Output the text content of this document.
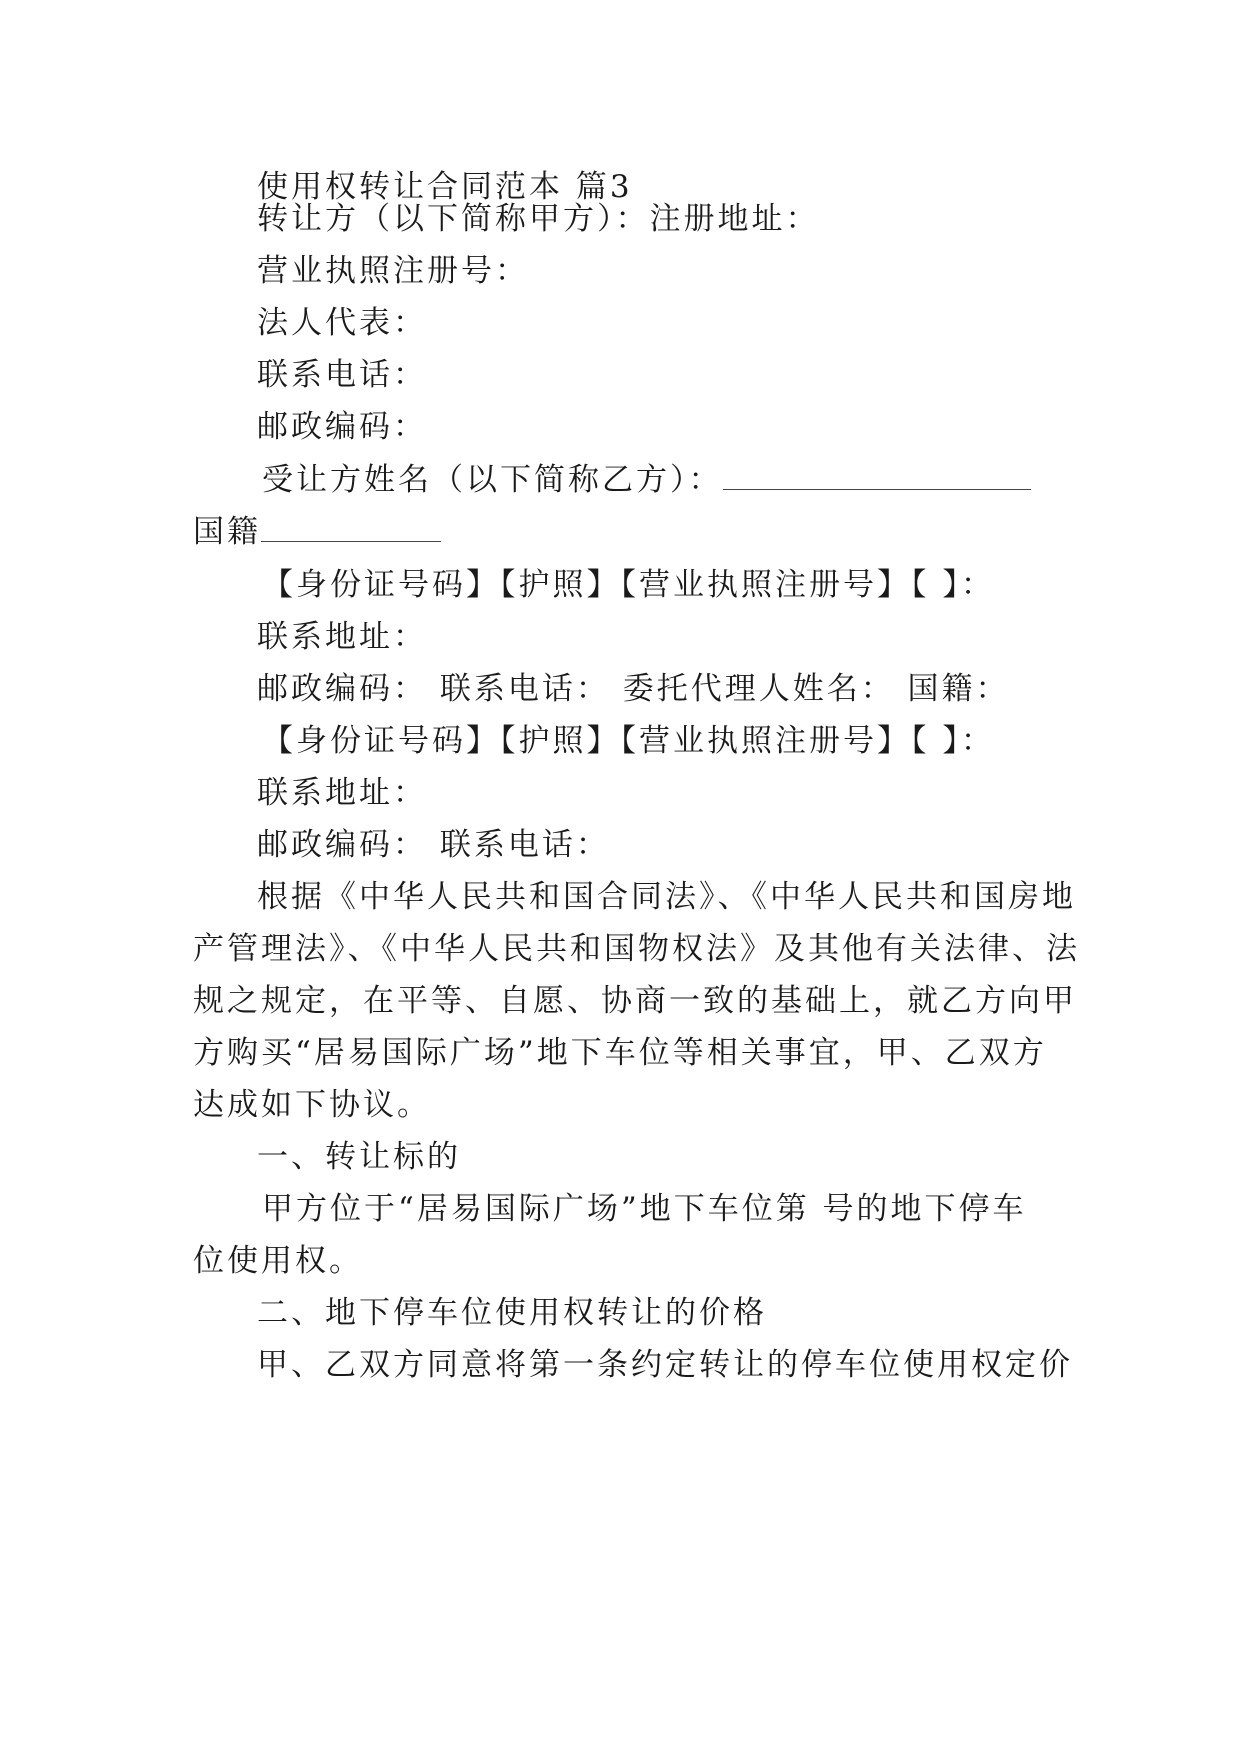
使用权转让合同范本 篇3
转让方（以下简称甲方）：注册地址：
营业执照注册号：
法人代表：
联系电话：
邮政编码：
受让方姓名（以下简称乙方）：
国籍
【身份证号码】【护照】【营业执照注册号】【 】：
联系地址：
邮政编码： 联系电话： 委托代理人姓名： 国籍：
【身份证号码】【护照】【营业执照注册号】【 】：
联系地址：
邮政编码： 联系电话：
根据《中华人民共和国合同法》、《中华人民共和国房地
产管理法》、《中华人民共和国物权法》及其他有关法律、法
规之规定，在平等、自愿、协商一致的基础上，就乙方向甲
方购买“居易国际广场”地下车位等相关事宜，甲、乙双方
达成如下协议。
一、转让标的
甲方位于“居易国际广场”地下车位第 号的地下停车
位使用权。
二、地下停车位使用权转让的价格
甲、乙双方同意将第一条约定转让的停车位使用权定价
